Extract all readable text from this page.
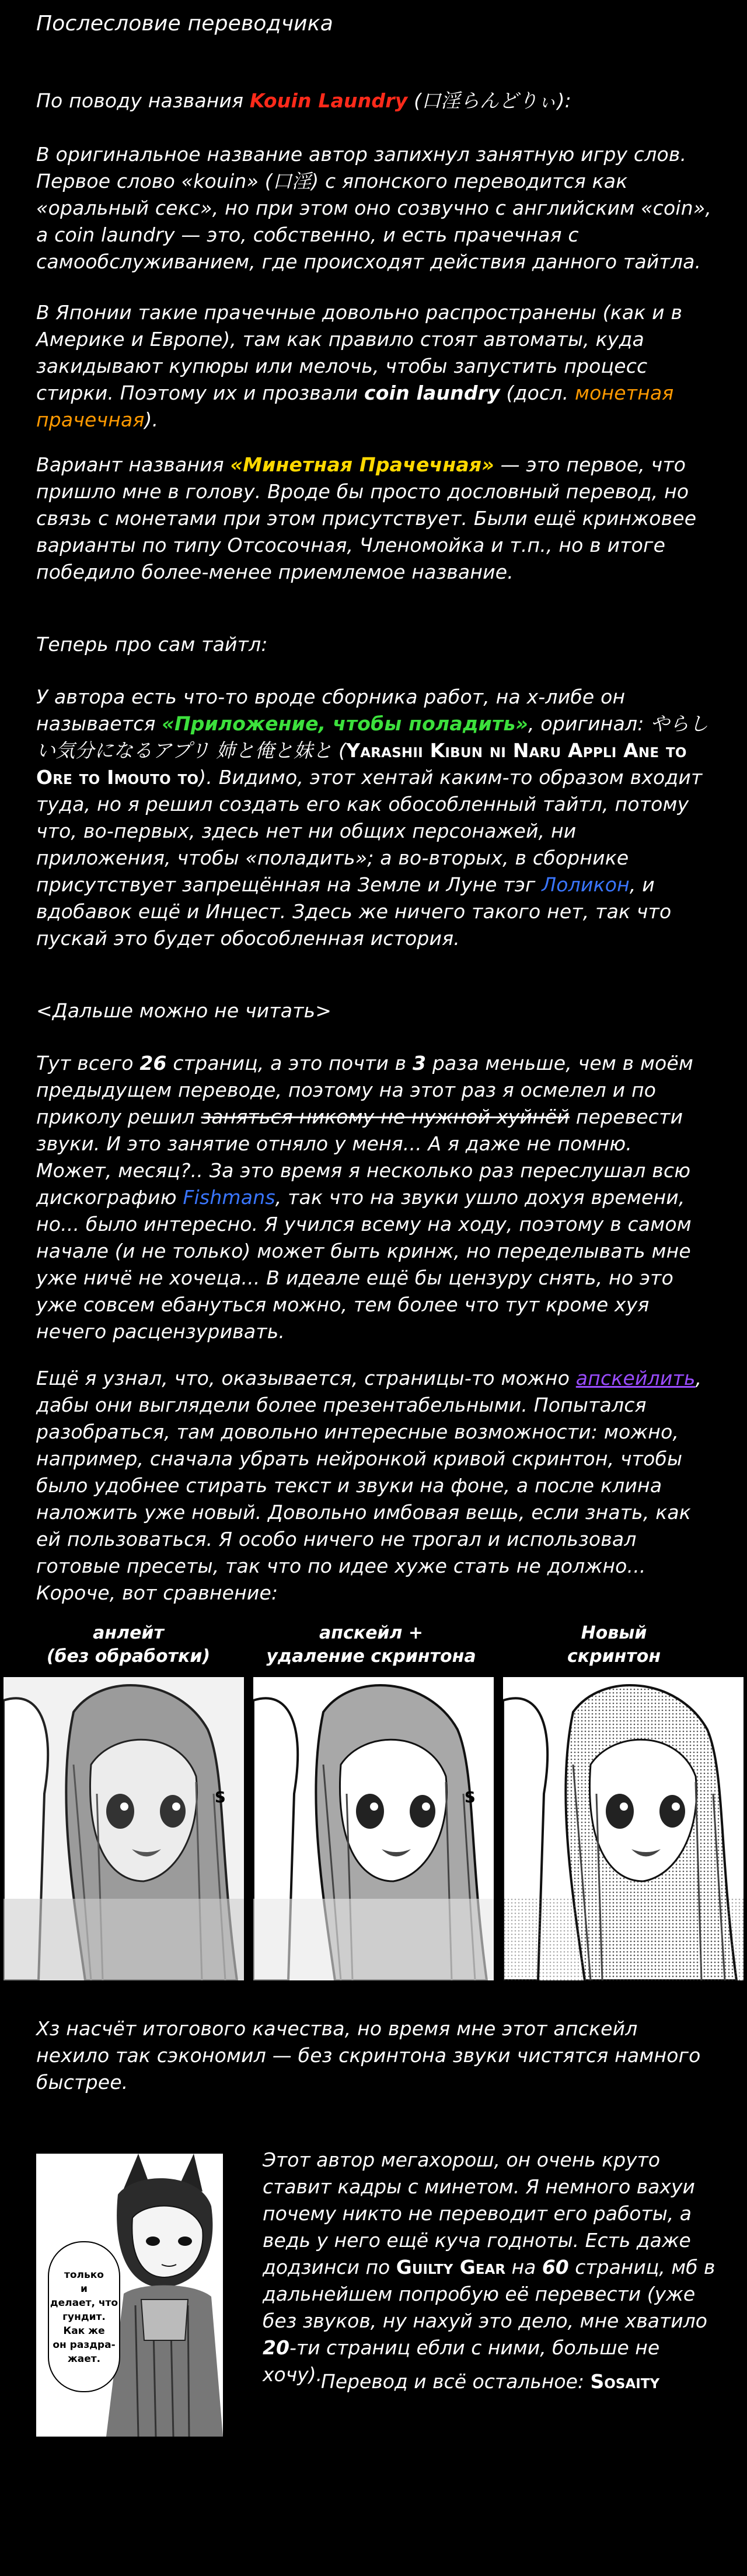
Послесловие переводчика
По поводу названия Kouin Laundry (口淫らんどりぃ):
В оригинальное название автор запихнул занятную игру слов. Первое слово «kouin» (口淫) с японского переводится как «оральный секс», но при этом оно созвучно с английским «coin», а coin laundry — это, собственно, и есть прачечная с самообслуживанием, где происходят действия данного тайтла.
В Японии такие прачечные довольно распространены (как и в Америке и Европе), там как правило стоят автоматы, куда закидывают купюры или мелочь, чтобы запустить процесс стирки. Поэтому их и прозвали coin laundry (досл. монетная прачечная).
Вариант названия «Минетная Прачечная» — это первое, что пришло мне в голову. Вроде бы просто дословный перевод, но связь с монетами при этом присутствует. Были ещё кринжовее варианты по типу Отсосочная, Членомойка и т.п., но в итоге победило более-менее приемлемое название.
Теперь про сам тайтл:
У автора есть что-то вроде сборника работ, на х-либе он называется «Приложение, чтобы поладить», оригинал: やらしい気分になるアプリ 姉と俺と妹と (Yarashii Kibun ni Naru Appli Ane to Ore to Imouto to). Видимо, этот хентай каким-то образом входит туда, но я решил создать его как обособленный тайтл, потому что, во-первых, здесь нет ни общих персонажей, ни приложения, чтобы «поладить»; а во-вторых, в сборнике присутствует запрещённая на Земле и Луне тэг Лоликон, и вдобавок ещё и Инцест. Здесь же ничего такого нет, так что пускай это будет обособленная история.
<Дальше можно не читать>
Тут всего 26 страниц, а это почти в 3 раза меньше, чем в моём предыдущем переводе, поэтому на этот раз я осмелел и по приколу решил заняться никому не нужной хуйнёй перевести звуки. И это занятие отняло у меня... А я даже не помню. Может, месяц?.. За это время я несколько раз переслушал всю дискографию Fishmans, так что на звуки ушло дохуя времени, но... было интересно. Я учился всему на ходу, поэтому в самом начале (и не только) может быть кринж, но переделывать мне уже ничё не хочеца... В идеале ещё бы цензуру снять, но это уже совсем ебануться можно, тем более что тут кроме хуя нечего расцензуривать.
Ещё я узнал, что, оказывается, страницы-то можно апскейлить, дабы они выглядели более презентабельными. Попытался разобраться, там довольно интересные возможности: можно, например, сначала убрать нейронкой кривой скринтон, чтобы было удобнее стирать текст и звуки на фоне, а после клина наложить уже новый. Довольно имбовая вещь, если знать, как ей пользоваться. Я особо ничего не трогал и использовал готовые пресеты, так что по идее хуже стать не должно... Короче, вот сравнение:
анлейт
(без обработки)
апскейл +
удаление скринтона
Новый
скринтон
S	S
Хз насчёт итогового качества, но время мне этот апскейл нехило так сэкономил — без скринтона звуки чистятся намного быстрее.
только
и
делает, что
гундит.
Как же
он раздра-
жает.
Этот автор мегахорош, он очень круто ставит кадры с минетом. Я немного вахуи почему никто не переводит его работы, а ведь у него ещё куча годноты. Есть даже додзинси по Guilty Gear на 60 страниц, мб в дальнейшем попробую её перевести (уже без звуков, ну нахуй это дело, мне хватило 20-ти страниц ебли с ними, больше не хочу).
Перевод и всё остальное: Sosaity
